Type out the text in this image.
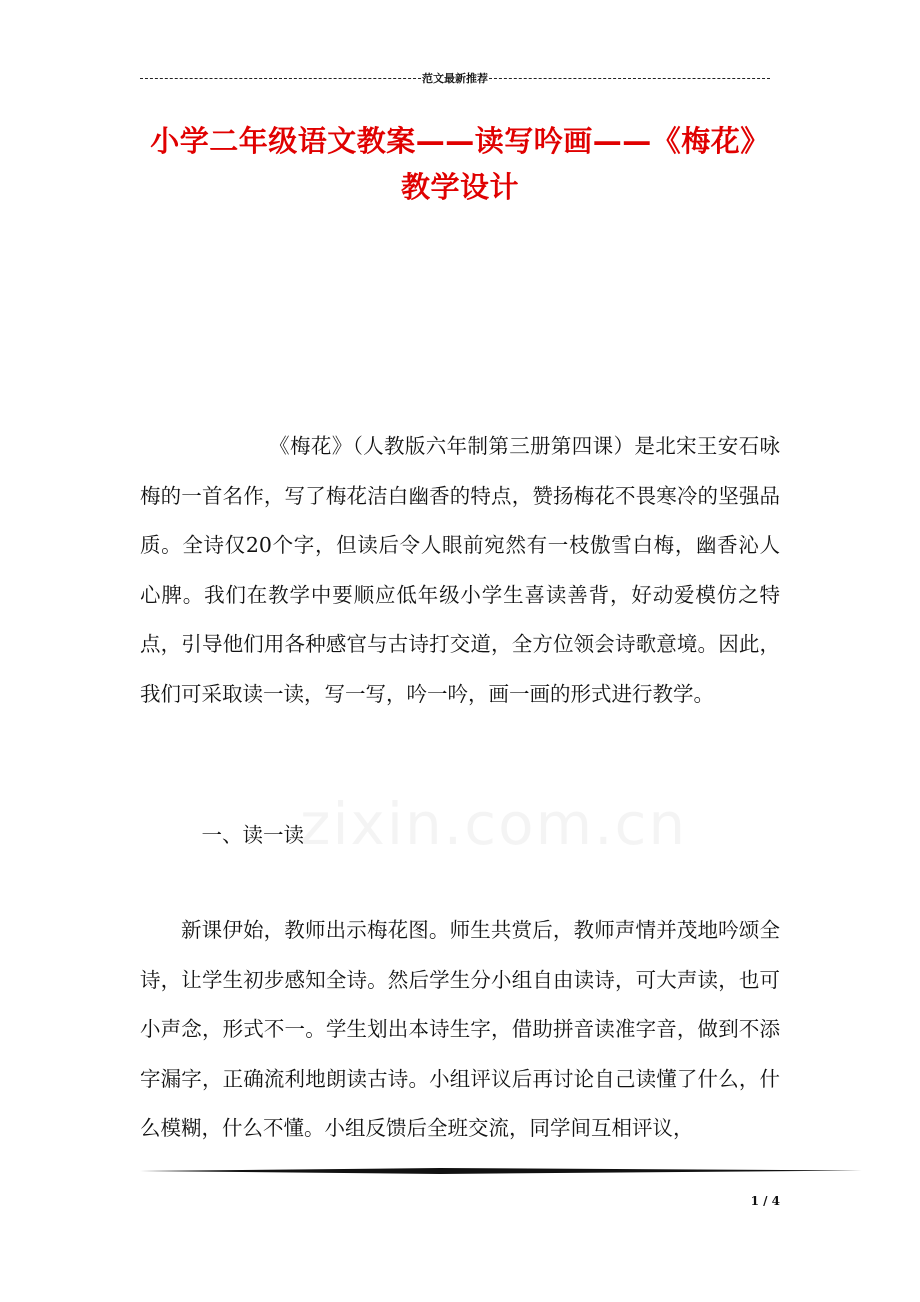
范文最新推荐
小学二年级语文教案——读写吟画——《梅花》教学设计

《梅花》（人教版六年制第三册第四课）是北宋王安石咏梅的一首名作，写了梅花洁白幽香的特点，赞扬梅花不畏寒冷的坚强品质。全诗仅20个字，但读后令人眼前宛然有一枝傲雪白梅，幽香沁人心脾。我们在教学中要顺应低年级小学生喜读善背，好动爱模仿之特点，引导他们用各种感官与古诗打交道，全方位领会诗歌意境。因此，我们可采取读一读，写一写，吟一吟，画一画的形式进行教学。

一、读一读

新课伊始，教师出示梅花图。师生共赏后，教师声情并茂地吟颂全诗，让学生初步感知全诗。然后学生分小组自由读诗，可大声读，也可小声念，形式不一。学生划出本诗生字，借助拼音读准字音，做到不添字漏字，正确流利地朗读古诗。小组评议后再讨论自己读懂了什么，什么模糊，什么不懂。小组反馈后全班交流，同学间互相评议，

1 / 4
